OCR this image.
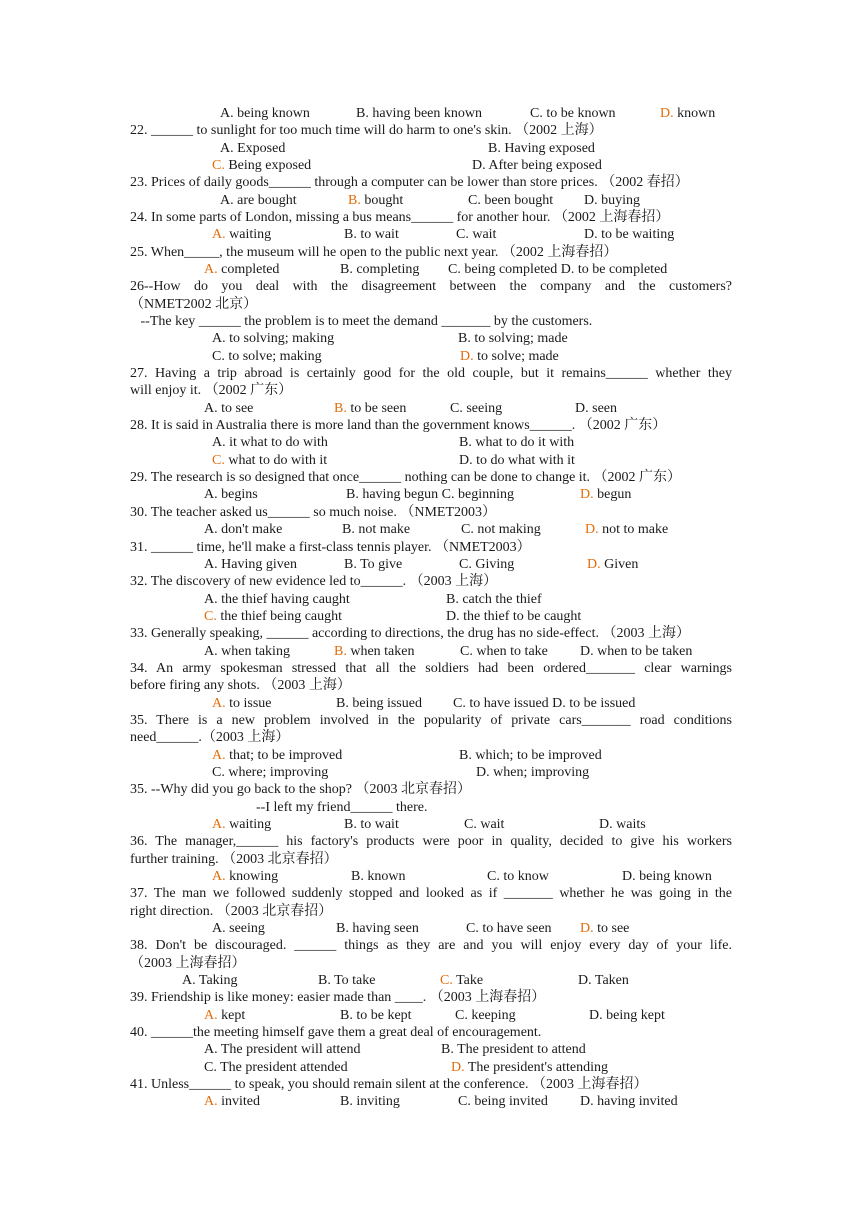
A. being known	B. having been known	C. to be known	D. known
22. ______ to sunlight for too much time will do harm to one's skin. （2002 上海）
A. Exposed	B. Having exposed
C. Being exposed	D. After being exposed
23. Prices of daily goods______ through a computer can be lower than store prices. （2002 春招）
A. are bought	B. bought	C. been bought D. buying
24. In some parts of London, missing a bus means______ for another hour. （2002 上海春招）
A. waiting	B. to wait	C. wait	D. to be waiting
25. When_____, the museum will he open to the public next year. （2002 上海春招）
A. completed	B. completing C. being completed D. to be completed
26--How do you deal with the disagreement between the company and the customers?
（NMET2002 北京）
--The key ______ the problem is to meet the demand _______ by the customers.
A. to solving; making	B. to solving; made
C. to solve; making	D. to solve; made
27. Having a trip abroad is certainly good for the old couple, but it remains______ whether they
will enjoy it. （2002 广东）
A. to see	B. to be seen	C. seeing	D. seen
28. It is said in Australia there is more land than the government knows______. （2002 广东）
A. it what to do with	B. what to do it with
C. what to do with it	D. to do what with it
29. The research is so designed that once______ nothing can be done to change it. （2002 广东）
A. begins	B. having begun C. beginning	D. begun
30. The teacher asked us______ so much noise. （NMET2003）
A. don't make	B. not make	C. not making	D. not to make
31. ______ time, he'll make a first-class tennis player. （NMET2003）
A. Having given	B. To give	C. Giving	D. Given
32. The discovery of new evidence led to______. （2003 上海）
A. the thief having caught	B. catch the thief
C. the thief being caught	D. the thief to be caught
33. Generally speaking, ______ according to directions, the drug has no side-effect. （2003 上海）
A. when taking	B. when taken	C. when to take D. when to be taken
34. An army spokesman stressed that all the soldiers had been ordered_______ clear warnings
before firing any shots. （2003 上海）
A. to issue	B. being issued C. to have issued D. to be issued
35. There is a new problem involved in the popularity of private cars_______ road conditions
need______.（2003 上海）
A. that; to be improved	B. which; to be improved
C. where; improving	D. when; improving
35. --Why did you go back to the shop? （2003 北京春招）
--I left my friend______ there.
A. waiting	B. to wait	C. wait	D. waits
36. The manager,______ his factory's products were poor in quality, decided to give his workers
further training. （2003 北京春招）
A. knowing	B. known	C. to know	D. being known
37. The man we followed suddenly stopped and looked as if _______ whether he was going in the
right direction. （2003 北京春招）
A. seeing	B. having seen	C. to have seen D. to see
38. Don't be discouraged. ______ things as they are and you will enjoy every day of your life.
（2003 上海春招）
A. Taking	B. To take	C. Take	D. Taken
39. Friendship is like money: easier made than ____. （2003 上海春招）
A. kept	B. to be kept	C. keeping	D. being kept
40. ______the meeting himself gave them a great deal of encouragement.
A. The president will attend	B. The president to attend
C. The president attended	D. The president's attending
41. Unless______ to speak, you should remain silent at the conference. （2003 上海春招）
A. invited	B. inviting	C. being invited D. having invited
